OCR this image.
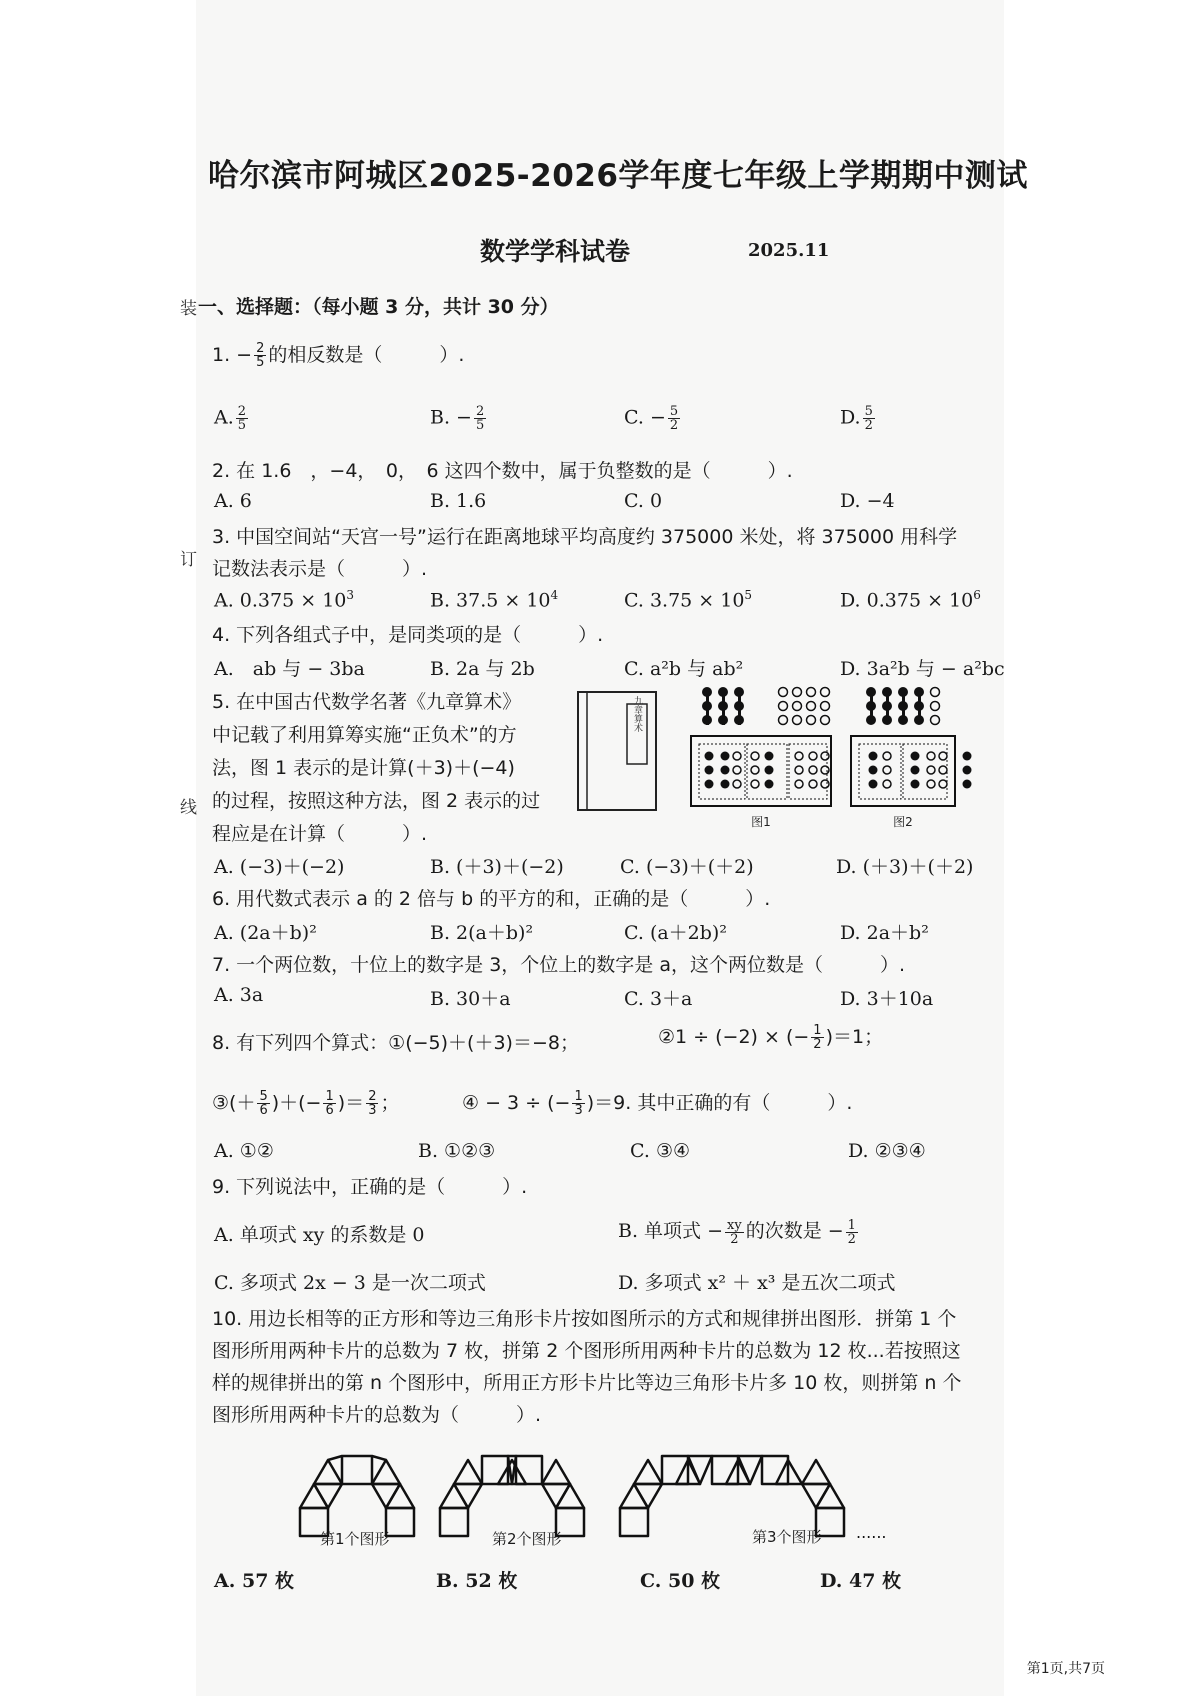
哈尔滨市阿城区2025-2026学年度七年级上学期期中测试
数学学科试卷	2025.11
装 一、选择题：（每小题 3 分，共计 30 分）
订
线
1. − $\frac{2}{5}$ 的相反数是（　　　）.
A. $\frac{2}{5}$	B. − $\frac{2}{5}$	C. − $\frac{5}{2}$	D. $\frac{5}{2}$
2. 在 1.6　，−4，　0，　6 这四个数中，属于负整数的是（　　　）.
A. 6	B. 1.6	C. 0	D. −4
3. 中国空间站“天宫一号”运行在距离地球平均高度约 375000 米处，将 375000 用科学
记数法表示是（　　　）.
A. $0.375 \times 10^3$	B. $37.5 \times 10^4$	C. $3.75 \times 10^5$	D. $0.375 \times 10^6$
4. 下列各组式子中，是同类项的是（　　　）.
A.　ab 与 − 3ba	B. 2a 与 2b	C. a²b 与 ab²	D. 3a²b 与 − a²bc
5. 在中国古代数学名著《九章算术》
中记载了利用算筹实施“正负术”的方
法，图 1 表示的是计算(＋3)＋(−4)
的过程，按照这种方法，图 2 表示的过
程应是在计算（　　　）.
九章算术
图1	图2
A. (−3)＋(−2)	B. (＋3)＋(−2)	C. (−3)＋(＋2)	D. (＋3)＋(＋2)
6. 用代数式表示 a 的 2 倍与 b 的平方的和，正确的是（　　　）.
A. (2a＋b)²	B. 2(a＋b)²	C. (a＋2b)²	D. 2a＋b²
7. 一个两位数，十位上的数字是 3，个位上的数字是 a，这个两位数是（　　　）.
A. 3a	B. 30＋a	C. 3＋a	D. 3＋10a
8. 有下列四个算式：①(−5)＋(＋3)＝−8；	②1 ÷ (−2) × (− $\frac{1}{2} )=1$；
③(＋ $\frac{5}{6}$ )＋(− $\frac{1}{6}$ )＝ $\frac{2}{3}$ ；	④ − 3 ÷ (− $\frac{1}{3} )=9$. 其中正确的有（　　　）.
A. ①②	B. ①②③	C. ③④	D. ②③④
9. 下列说法中，正确的是（　　　）.
A. 单项式 xy 的系数是 0	B. 单项式 − $\frac{xy}{2}$ 的次数是 − $\frac{1}{2}$
C. 多项式 2x − 3 是一次二项式	D. 多项式 x² ＋ x³ 是五次二项式
10. 用边长相等的正方形和等边三角形卡片按如图所示的方式和规律拼出图形．拼第 1 个
图形所用两种卡片的总数为 7 枚，拼第 2 个图形所用两种卡片的总数为 12 枚...若按照这
样的规律拼出的第 n 个图形中，所用正方形卡片比等边三角形卡片多 10 枚，则拼第 n 个
图形所用两种卡片的总数为（　　　）.
......
第1个图形	第2个图形	第3个图形
A. 57 枚	B. 52 枚	C. 50 枚	D. 47 枚
第1页,共7页
